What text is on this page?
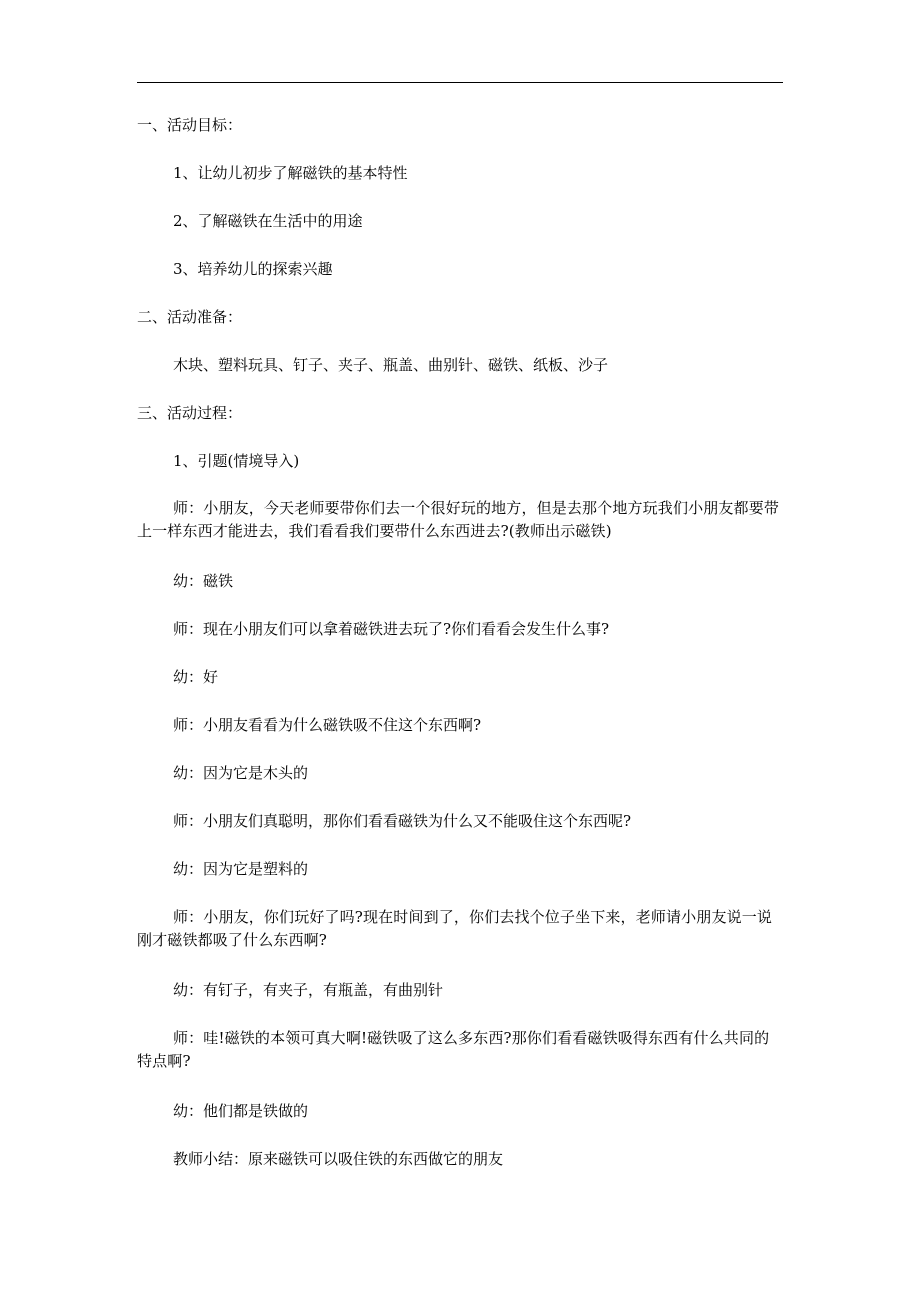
一、活动目标：
1、让幼儿初步了解磁铁的基本特性
2、了解磁铁在生活中的用途
3、培养幼儿的探索兴趣
二、活动准备：
木块、塑料玩具、钉子、夹子、瓶盖、曲别针、磁铁、纸板、沙子
三、活动过程：
1、引题(情境导入)
师：小朋友，今天老师要带你们去一个很好玩的地方，但是去那个地方玩我们小朋友都要带上一样东西才能进去，我们看看我们要带什么东西进去?(教师出示磁铁)
幼：磁铁
师：现在小朋友们可以拿着磁铁进去玩了?你们看看会发生什么事?
幼：好
师：小朋友看看为什么磁铁吸不住这个东西啊?
幼：因为它是木头的
师：小朋友们真聪明，那你们看看磁铁为什么又不能吸住这个东西呢?
幼：因为它是塑料的
师：小朋友，你们玩好了吗?现在时间到了，你们去找个位子坐下来，老师请小朋友说一说刚才磁铁都吸了什么东西啊?
幼：有钉子，有夹子，有瓶盖，有曲别针
师：哇!磁铁的本领可真大啊!磁铁吸了这么多东西?那你们看看磁铁吸得东西有什么共同的特点啊?
幼：他们都是铁做的
教师小结：原来磁铁可以吸住铁的东西做它的朋友
